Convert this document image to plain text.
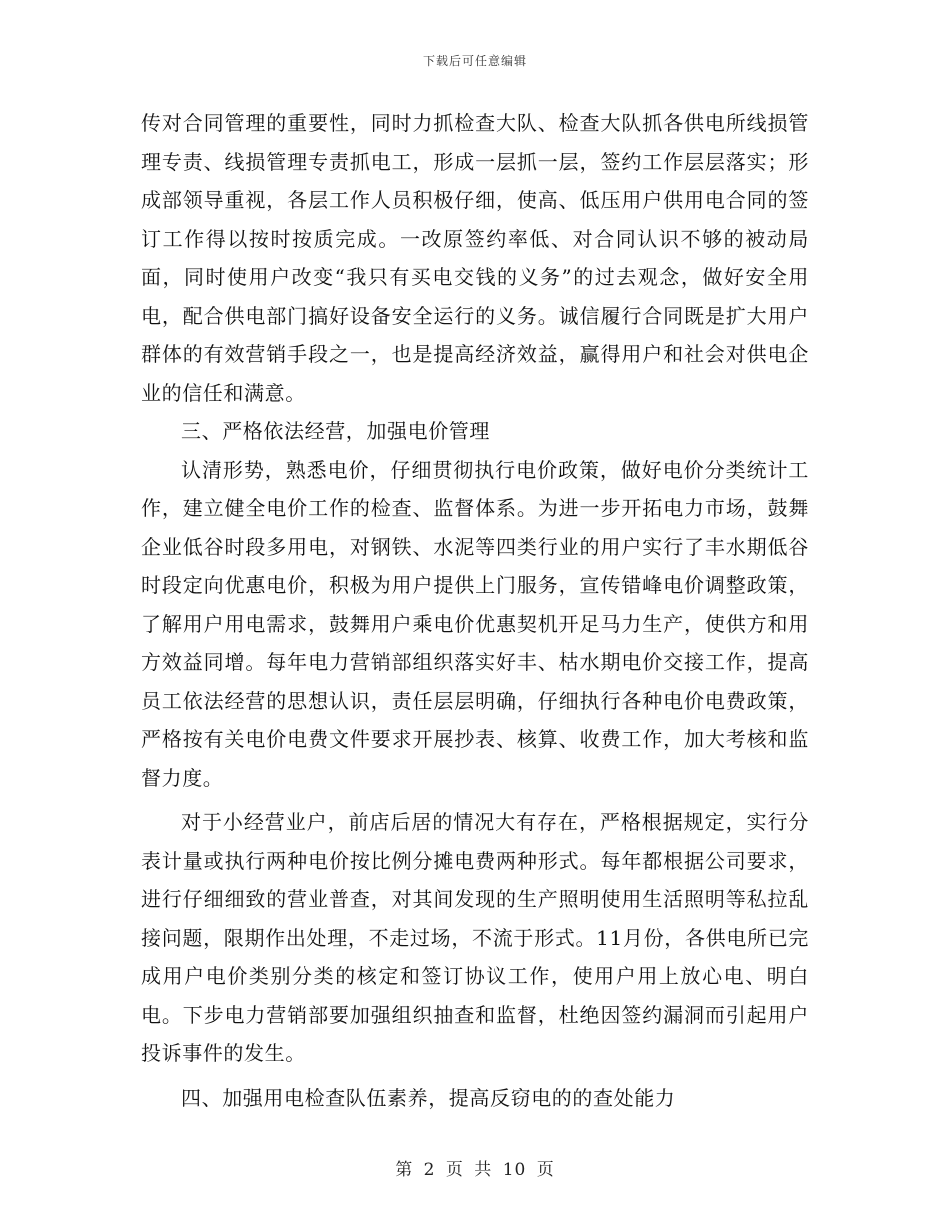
下载后可任意编辑

传对合同管理的重要性，同时力抓检查大队、检查大队抓各供电所线损管理专责、线损管理专责抓电工，形成一层抓一层，签约工作层层落实；形成部领导重视，各层工作人员积极仔细，使高、低压用户供用电合同的签订工作得以按时按质完成。一改原签约率低、对合同认识不够的被动局面，同时使用户改变“我只有买电交钱的义务”的过去观念，做好安全用电，配合供电部门搞好设备安全运行的义务。诚信履行合同既是扩大用户群体的有效营销手段之一，也是提高经济效益，赢得用户和社会对供电企业的信任和满意。

三、严格依法经营，加强电价管理

认清形势，熟悉电价，仔细贯彻执行电价政策，做好电价分类统计工作，建立健全电价工作的检查、监督体系。为进一步开拓电力市场，鼓舞企业低谷时段多用电，对钢铁、水泥等四类行业的用户实行了丰水期低谷时段定向优惠电价，积极为用户提供上门服务，宣传错峰电价调整政策，了解用户用电需求，鼓舞用户乘电价优惠契机开足马力生产，使供方和用方效益同增。每年电力营销部组织落实好丰、枯水期电价交接工作，提高员工依法经营的思想认识，责任层层明确，仔细执行各种电价电费政策，严格按有关电价电费文件要求开展抄表、核算、收费工作，加大考核和监督力度。

对于小经营业户，前店后居的情况大有存在，严格根据规定，实行分表计量或执行两种电价按比例分摊电费两种形式。每年都根据公司要求，进行仔细细致的营业普查，对其间发现的生产照明使用生活照明等私拉乱接问题，限期作出处理，不走过场，不流于形式。11月份，各供电所已完成用户电价类别分类的核定和签订协议工作，使用户用上放心电、明白电。下步电力营销部要加强组织抽查和监督，杜绝因签约漏洞而引起用户投诉事件的发生。

四、加强用电检查队伍素养，提高反窃电的的查处能力

第 2 页 共 10 页
